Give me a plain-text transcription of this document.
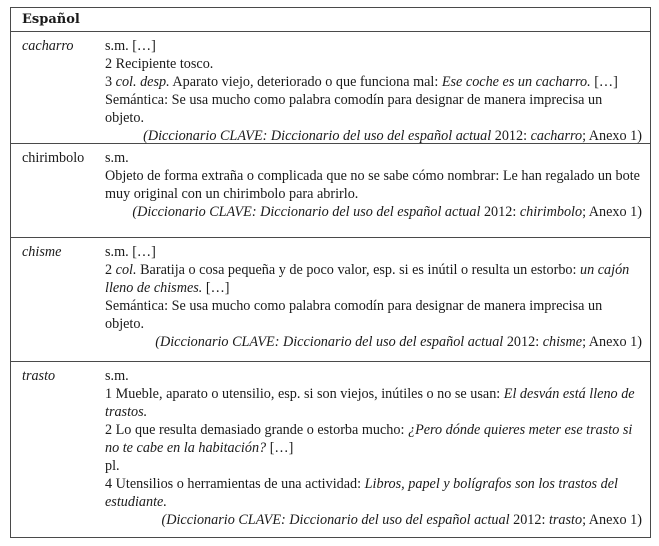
Español
cacharro s.m. […]
2 Recipiente tosco.
3 col. desp. Aparato viejo, deteriorado o que funciona mal: Ese coche es un cacharro. […]
Semántica: Se usa mucho como palabra comodín para designar de manera imprecisa un objeto.
(Diccionario CLAVE: Diccionario del uso del español actual 2012: cacharro; Anexo 1)
chirimbolo s.m.
Objeto de forma extraña o complicada que no se sabe cómo nombrar: Le han regalado un bote muy original con un chirimbolo para abrirlo.
(Diccionario CLAVE: Diccionario del uso del español actual 2012: chirimbolo; Anexo 1)
chisme	s.m. […]
2 col. Baratija o cosa pequeña y de poco valor, esp. si es inútil o resulta un estorbo: un cajón lleno de chismes. […]
Semántica: Se usa mucho como palabra comodín para designar de manera imprecisa un objeto.
(Diccionario CLAVE: Diccionario del uso del español actual 2012: chisme; Anexo 1)
trasto	s.m.
1 Mueble, aparato o utensilio, esp. si son viejos, inútiles o no se usan: El desván está lleno de trastos.
2 Lo que resulta demasiado grande o estorba mucho: ¿Pero dónde quieres meter ese trasto si no te cabe en la habitación? […]
pl.
4 Utensilios o herramientas de una actividad: Libros, papel y bolígrafos son los trastos del estudiante.
(Diccionario CLAVE: Diccionario del uso del español actual 2012: trasto; Anexo 1)
